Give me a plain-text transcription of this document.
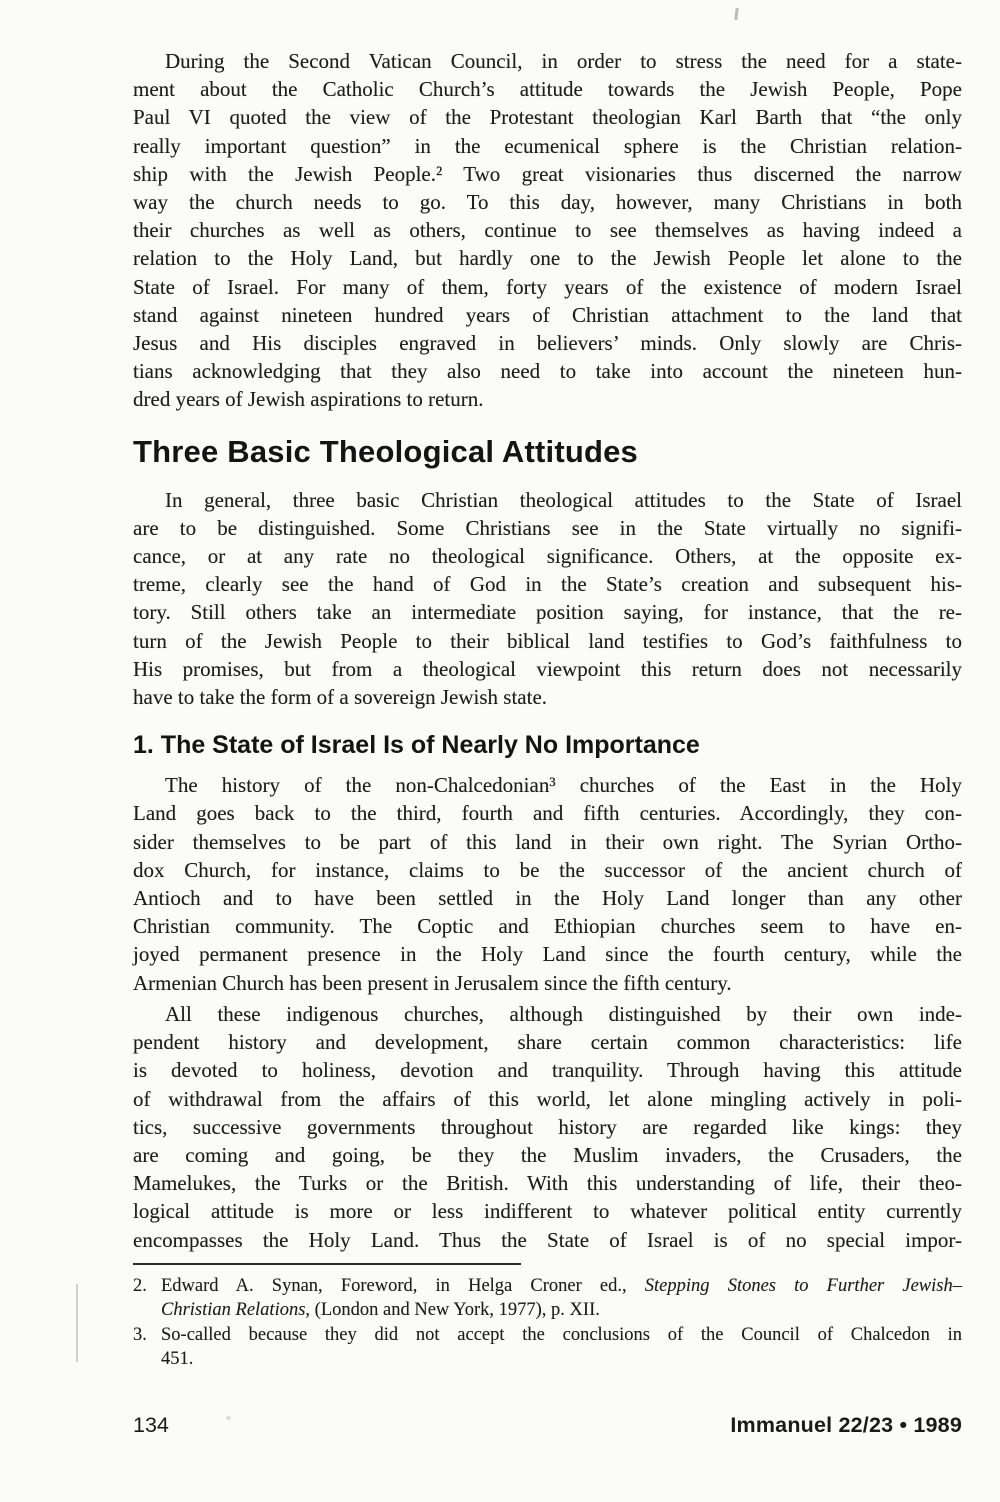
During the Second Vatican Council, in order to stress the need for a state-
ment about the Catholic Church’s attitude towards the Jewish People, Pope
Paul VI quoted the view of the Protestant theologian Karl Barth that “the only
really important question” in the ecumenical sphere is the Christian relation-
ship with the Jewish People.² Two great visionaries thus discerned the narrow
way the church needs to go. To this day, however, many Christians in both
their churches as well as others, continue to see themselves as having indeed a
relation to the Holy Land, but hardly one to the Jewish People let alone to the
State of Israel. For many of them, forty years of the existence of modern Israel
stand against nineteen hundred years of Christian attachment to the land that
Jesus and His disciples engraved in believers’ minds. Only slowly are Chris-
tians acknowledging that they also need to take into account the nineteen hun-
dred years of Jewish aspirations to return.
Three Basic Theological Attitudes
In general, three basic Christian theological attitudes to the State of Israel
are to be distinguished. Some Christians see in the State virtually no signifi-
cance, or at any rate no theological significance. Others, at the opposite ex-
treme, clearly see the hand of God in the State’s creation and subsequent his-
tory. Still others take an intermediate position saying, for instance, that the re-
turn of the Jewish People to their biblical land testifies to God’s faithfulness to
His promises, but from a theological viewpoint this return does not necessarily
have to take the form of a sovereign Jewish state.
1. The State of Israel Is of Nearly No Importance
The history of the non-Chalcedonian³ churches of the East in the Holy
Land goes back to the third, fourth and fifth centuries. Accordingly, they con-
sider themselves to be part of this land in their own right. The Syrian Ortho-
dox Church, for instance, claims to be the successor of the ancient church of
Antioch and to have been settled in the Holy Land longer than any other
Christian community. The Coptic and Ethiopian churches seem to have en-
joyed permanent presence in the Holy Land since the fourth century, while the
Armenian Church has been present in Jerusalem since the fifth century.
All these indigenous churches, although distinguished by their own inde-
pendent history and development, share certain common characteristics: life
is devoted to holiness, devotion and tranquility. Through having this attitude
of withdrawal from the affairs of this world, let alone mingling actively in poli-
tics, successive governments throughout history are regarded like kings: they
are coming and going, be they the Muslim invaders, the Crusaders, the
Mamelukes, the Turks or the British. With this understanding of life, their theo-
logical attitude is more or less indifferent to whatever political entity currently
encompasses the Holy Land. Thus the State of Israel is of no special impor-
2. Edward A. Synan, Foreword, in Helga Croner ed., Stepping Stones to Further Jewish–
Christian Relations, (London and New York, 1977), p. XII.
3. So-called because they did not accept the conclusions of the Council of Chalcedon in
451.
134	Immanuel 22/23 • 1989
